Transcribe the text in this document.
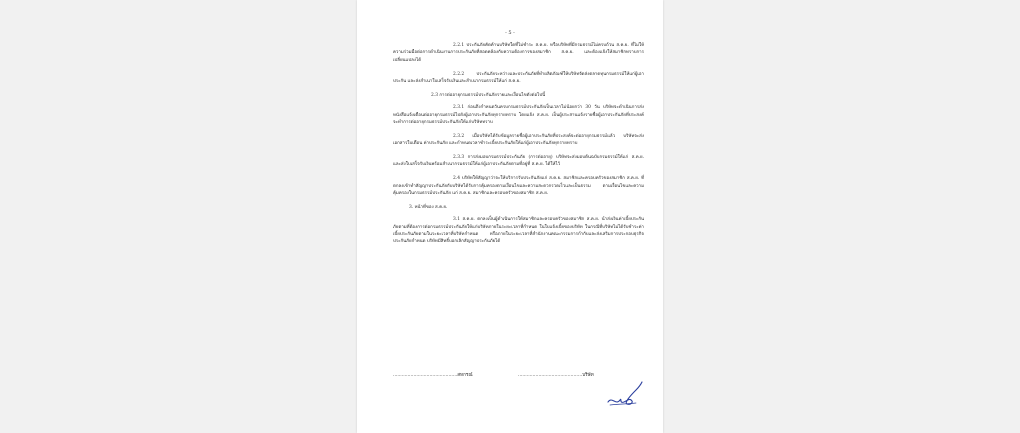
- 5 -

2.2.1 ประกันภัยคัดค้านบริษัทใดที่ไม่ชำระ ส.ค.ย. หรือบริษัทที่มีกรมธรรม์ไม่ครบถ้วน ส.ค.ย. ที่ไม่ให้ความร่วมมือต่อการดำเนินงานการประกันภัยที่สอดคล้องกับความต้องการของสมาชิก ส.ค.ย. และต้องแจ้งให้สมาชิกทราบการเปลี่ยนแปลงได้

2.2.2 ประกันภัยระหว่างและประกันภัยที่ทำผลิตภัณฑ์ให้บริษัทจัดส่งตลาดทุนกรมธรรม์ให้แก่ผู้เอาประกัน และส่งสำเนาใบเสร็จรับเงินและสำเนากรมธรรม์ให้แก่ ส.ค.ย.

2.3 การต่ออายุกรมธรรม์ประกันภัยรายและเงื่อนไขดังต่อไปนี้

2.3.1 ก่อนถึงกำหนดวันครบกรมธรรม์ประกันภัยเป็นเวลาไม่น้อยกว่า 30 วัน บริษัทจะดำเนินการส่งหนังสือแจ้งเตือนต่ออายุกรมธรรม์ไปยังผู้เอาประกันภัยทุกรายทราบ โดยแจ้ง ส.ค.ย. เป็นผู้ประสานแจ้งรายชื่อผู้เอาประกันภัยที่ประสงค์จะทำการต่ออายุกรมธรรม์ประกันภัยให้แก่บริษัททราบ

2.3.2 เมื่อบริษัทได้รับข้อมูลรายชื่อผู้เอาประกันภัยที่ประสงค์จะต่ออายุกรมธรรม์แล้ว บริษัทจะส่งเอกสารใบเตือน ค่าประกันภัย และกำหนดเวลาชำระเบี้ยประกันภัยให้แก่ผู้เอาประกันภัยทุกรายทราบ

2.3.3 การส่งมอบกรมธรรม์ประกันภัย (การต่ออายุ) บริษัทจะส่งมอบต้นฉบับกรมธรรม์ให้แก่ ส.ค.ย. และส่งใบเสร็จรับเงินพร้อมสำเนากรมธรรม์ให้แก่ผู้เอาประกันภัยตามที่อยู่ที่ ส.ค.ย. ได้ให้ไว้

2.4 บริษัทให้สัญญาว่าจะให้บริการรับประกันภัยแก่ ส.ค.ย. สมาชิกและครอบครัวของสมาชิก ส.ค.ย. ที่ตกลงเข้าทำสัญญาประกันภัยกับบริษัทได้รับการคุ้มครองตามเงื่อนไขและความสะดวกรวดเร็วและเป็นธรรม ตามเงื่อนไขและความคุ้มครองในกรมธรรม์ประกันภัย แก่ ส.ค.ย. สมาชิกและครอบครัวของสมาชิก ส.ค.ย.

3. หน้าที่ของ ส.ค.ย.

3.1 ส.ค.ย. ตกลงเป็นผู้ดำเนินการให้สมาชิกและครอบครัวของสมาชิก ส.ค.ย. นำส่งเงินค่าเบี้ยประกันภัยตามที่ต้องการต่อกรมธรรม์ประกันภัยให้แก่บริษัทภายในระยะเวลาที่กำหนด ในใบแจ้งเบี้ยของบริษัท ในกรณีที่บริษัทไม่ได้รับชำระค่าเบี้ยประกันภัยตามในระยะเวลาที่บริษัทกำหนด หรือภายในระยะเวลาที่สำนักงานคณะกรรมการกำกับและส่งเสริมการประกอบธุรกิจประกันภัยกำหนด บริษัทมีสิทธิ์บอกเลิกสัญญาประกันภัยได้

............................................สหกรณ์	............................................บริษัท
